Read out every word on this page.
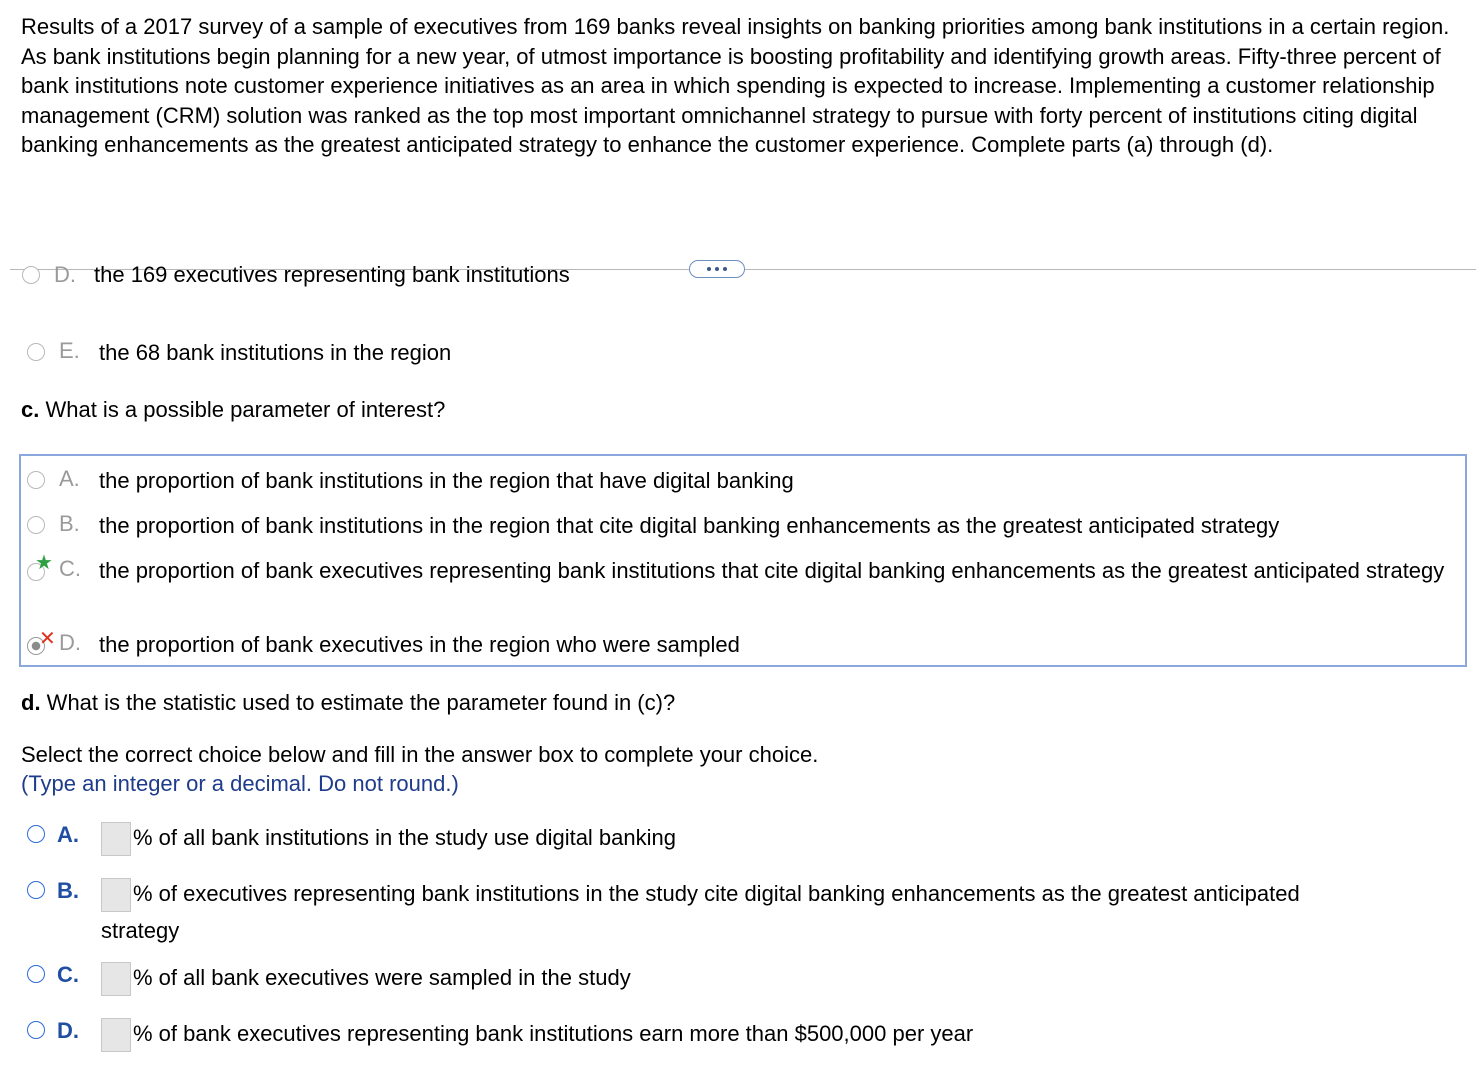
Results of a 2017 survey of a sample of executives from 169 banks reveal insights on banking priorities among bank institutions in a certain region. As bank institutions begin planning for a new year, of utmost importance is boosting profitability and identifying growth areas. Fifty-three percent of bank institutions note customer experience initiatives as an area in which spending is expected to increase. Implementing a customer relationship management (CRM) solution was ranked as the top most important omnichannel strategy to pursue with forty percent of institutions citing digital banking enhancements as the greatest anticipated strategy to enhance the customer experience. Complete parts (a) through (d).
D. the 169 executives representing bank institutions
E. the 68 bank institutions in the region
c. What is a possible parameter of interest?
A. the proportion of bank institutions in the region that have digital banking
B. the proportion of bank institutions in the region that cite digital banking enhancements as the greatest anticipated strategy
★ C. the proportion of bank executives representing bank institutions that cite digital banking enhancements as the greatest anticipated strategy
✕ D. the proportion of bank executives in the region who were sampled
d. What is the statistic used to estimate the parameter found in (c)?
Select the correct choice below and fill in the answer box to complete your choice.
(Type an integer or a decimal. Do not round.)
A.	% of all bank institutions in the study use digital banking
B.	% of executives representing bank institutions in the study cite digital banking enhancements as the greatest anticipated
strategy
C.	% of all bank executives were sampled in the study
D.	% of bank executives representing bank institutions earn more than $500,000 per year
